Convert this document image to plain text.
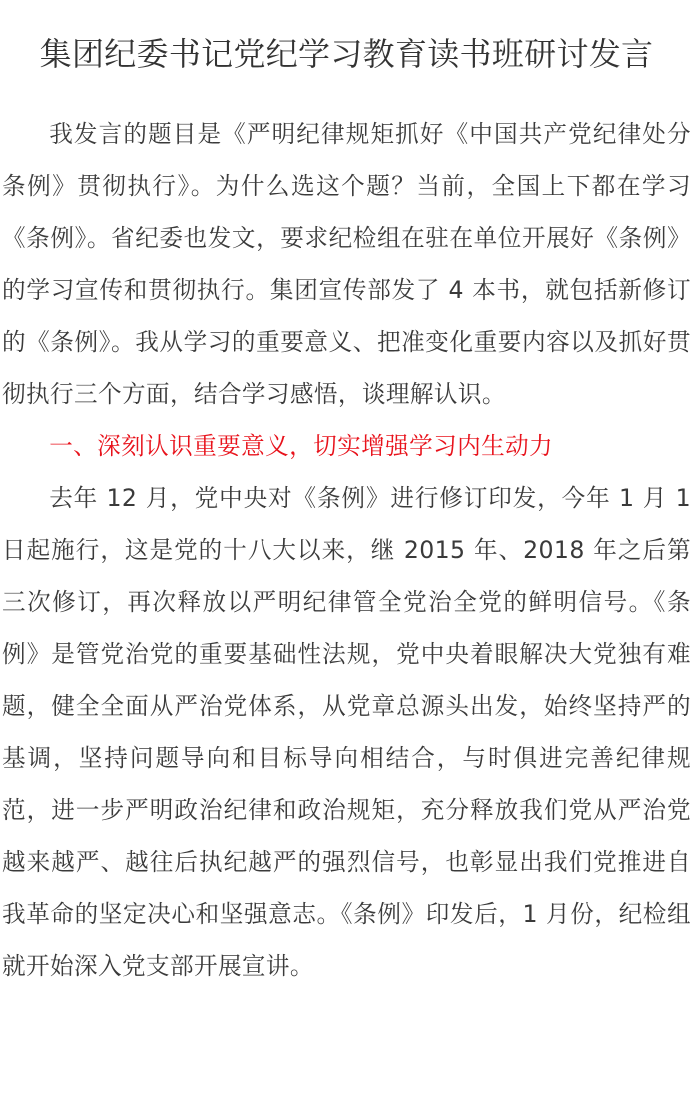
集团纪委书记党纪学习教育读书班研讨发言

我发言的题目是《严明纪律规矩抓好《中国共产党纪律处分条例》贯彻执行》。为什么选这个题？当前，全国上下都在学习《条例》。省纪委也发文，要求纪检组在驻在单位开展好《条例》的学习宣传和贯彻执行。集团宣传部发了 4 本书，就包括新修订的《条例》。我从学习的重要意义、把准变化重要内容以及抓好贯彻执行三个方面，结合学习感悟，谈理解认识。

一、深刻认识重要意义，切实增强学习内生动力

去年 12 月，党中央对《条例》进行修订印发，今年 1 月 1 日起施行，这是党的十八大以来，继 2015 年、2018 年之后第三次修订，再次释放以严明纪律管全党治全党的鲜明信号。《条例》是管党治党的重要基础性法规，党中央着眼解决大党独有难题，健全全面从严治党体系，从党章总源头出发，始终坚持严的基调，坚持问题导向和目标导向相结合，与时俱进完善纪律规范，进一步严明政治纪律和政治规矩，充分释放我们党从严治党越来越严、越往后执纪越严的强烈信号，也彰显出我们党推进自我革命的坚定决心和坚强意志。《条例》印发后，1 月份，纪检组就开始深入党支部开展宣讲。
